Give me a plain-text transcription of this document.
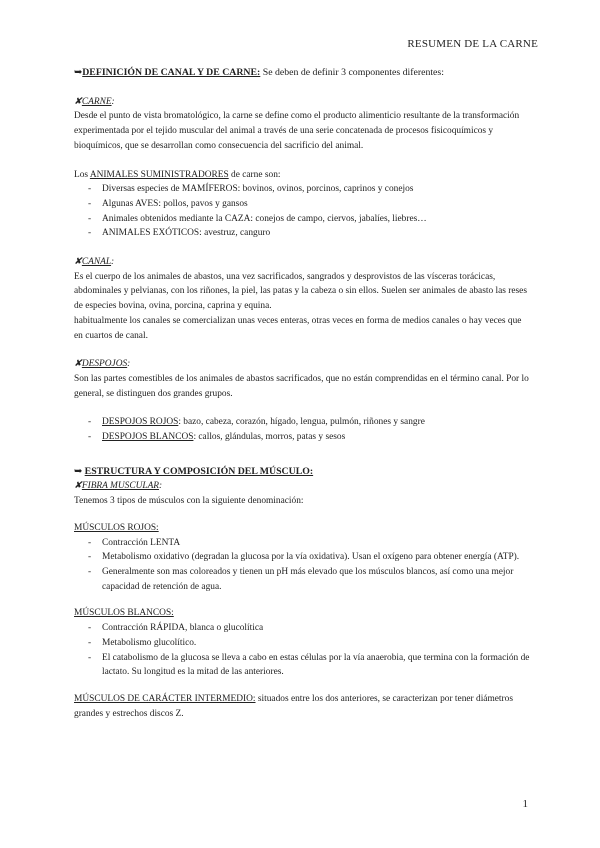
RESUMEN DE LA CARNE

➥DEFINICIÓN DE CANAL Y DE CARNE: Se deben de definir 3 componentes diferentes:

✘CARNE:

Desde el punto de vista bromatológico, la carne se define como el producto alimenticio resultante de la transformación experimentada por el tejido muscular del animal a través de una serie concatenada de procesos fisicoquímicos y bioquímicos, que se desarrollan como consecuencia del sacrificio del animal.

Los ANIMALES SUMINISTRADORES de carne son:

- Diversas especies de MAMÍFEROS: bovinos, ovinos, porcinos, caprinos y conejos
- Algunas AVES: pollos, pavos y gansos
- Animales obtenidos mediante la CAZA: conejos de campo, ciervos, jabalíes, liebres…
- ANIMALES EXÓTICOS: avestruz, canguro

✘CANAL:

Es el cuerpo de los animales de abastos, una vez sacrificados, sangrados y desprovistos de las vísceras torácicas, abdominales y pelvianas, con los riñones, la piel, las patas y la cabeza o sin ellos. Suelen ser animales de abasto las reses de especies bovina, ovina, porcina, caprina y equina.

habitualmente los canales se comercializan unas veces enteras, otras veces en forma de medios canales o hay veces que en cuartos de canal.

✘DESPOJOS:

Son las partes comestibles de los animales de abastos sacrificados, que no están comprendidas en el término canal. Por lo general, se distinguen dos grandes grupos.

- DESPOJOS ROJOS: bazo, cabeza, corazón, hígado, lengua, pulmón, riñones y sangre
- DESPOJOS BLANCOS: callos, glándulas, morros, patas y sesos

➥ ESTRUCTURA Y COMPOSICIÓN DEL MÚSCULO:

✘FIBRA MUSCULAR:

Tenemos 3 tipos de músculos con la siguiente denominación:

MÚSCULOS ROJOS:

- Contracción LENTA
- Metabolismo oxidativo (degradan la glucosa por la vía oxidativa). Usan el oxígeno para obtener energía (ATP).
- Generalmente son mas coloreados y tienen un pH más elevado que los músculos blancos, así como una mejor capacidad de retención de agua.

MÚSCULOS BLANCOS:

- Contracción RÁPIDA, blanca o glucolítica
- Metabolismo glucolítico.
- El catabolismo de la glucosa se lleva a cabo en estas células por la vía anaerobia, que termina con la formación de lactato. Su longitud es la mitad de las anteriores.

MÚSCULOS DE CARÁCTER INTERMEDIO: situados entre los dos anteriores, se caracterizan por tener diámetros grandes y estrechos discos Z.

1
